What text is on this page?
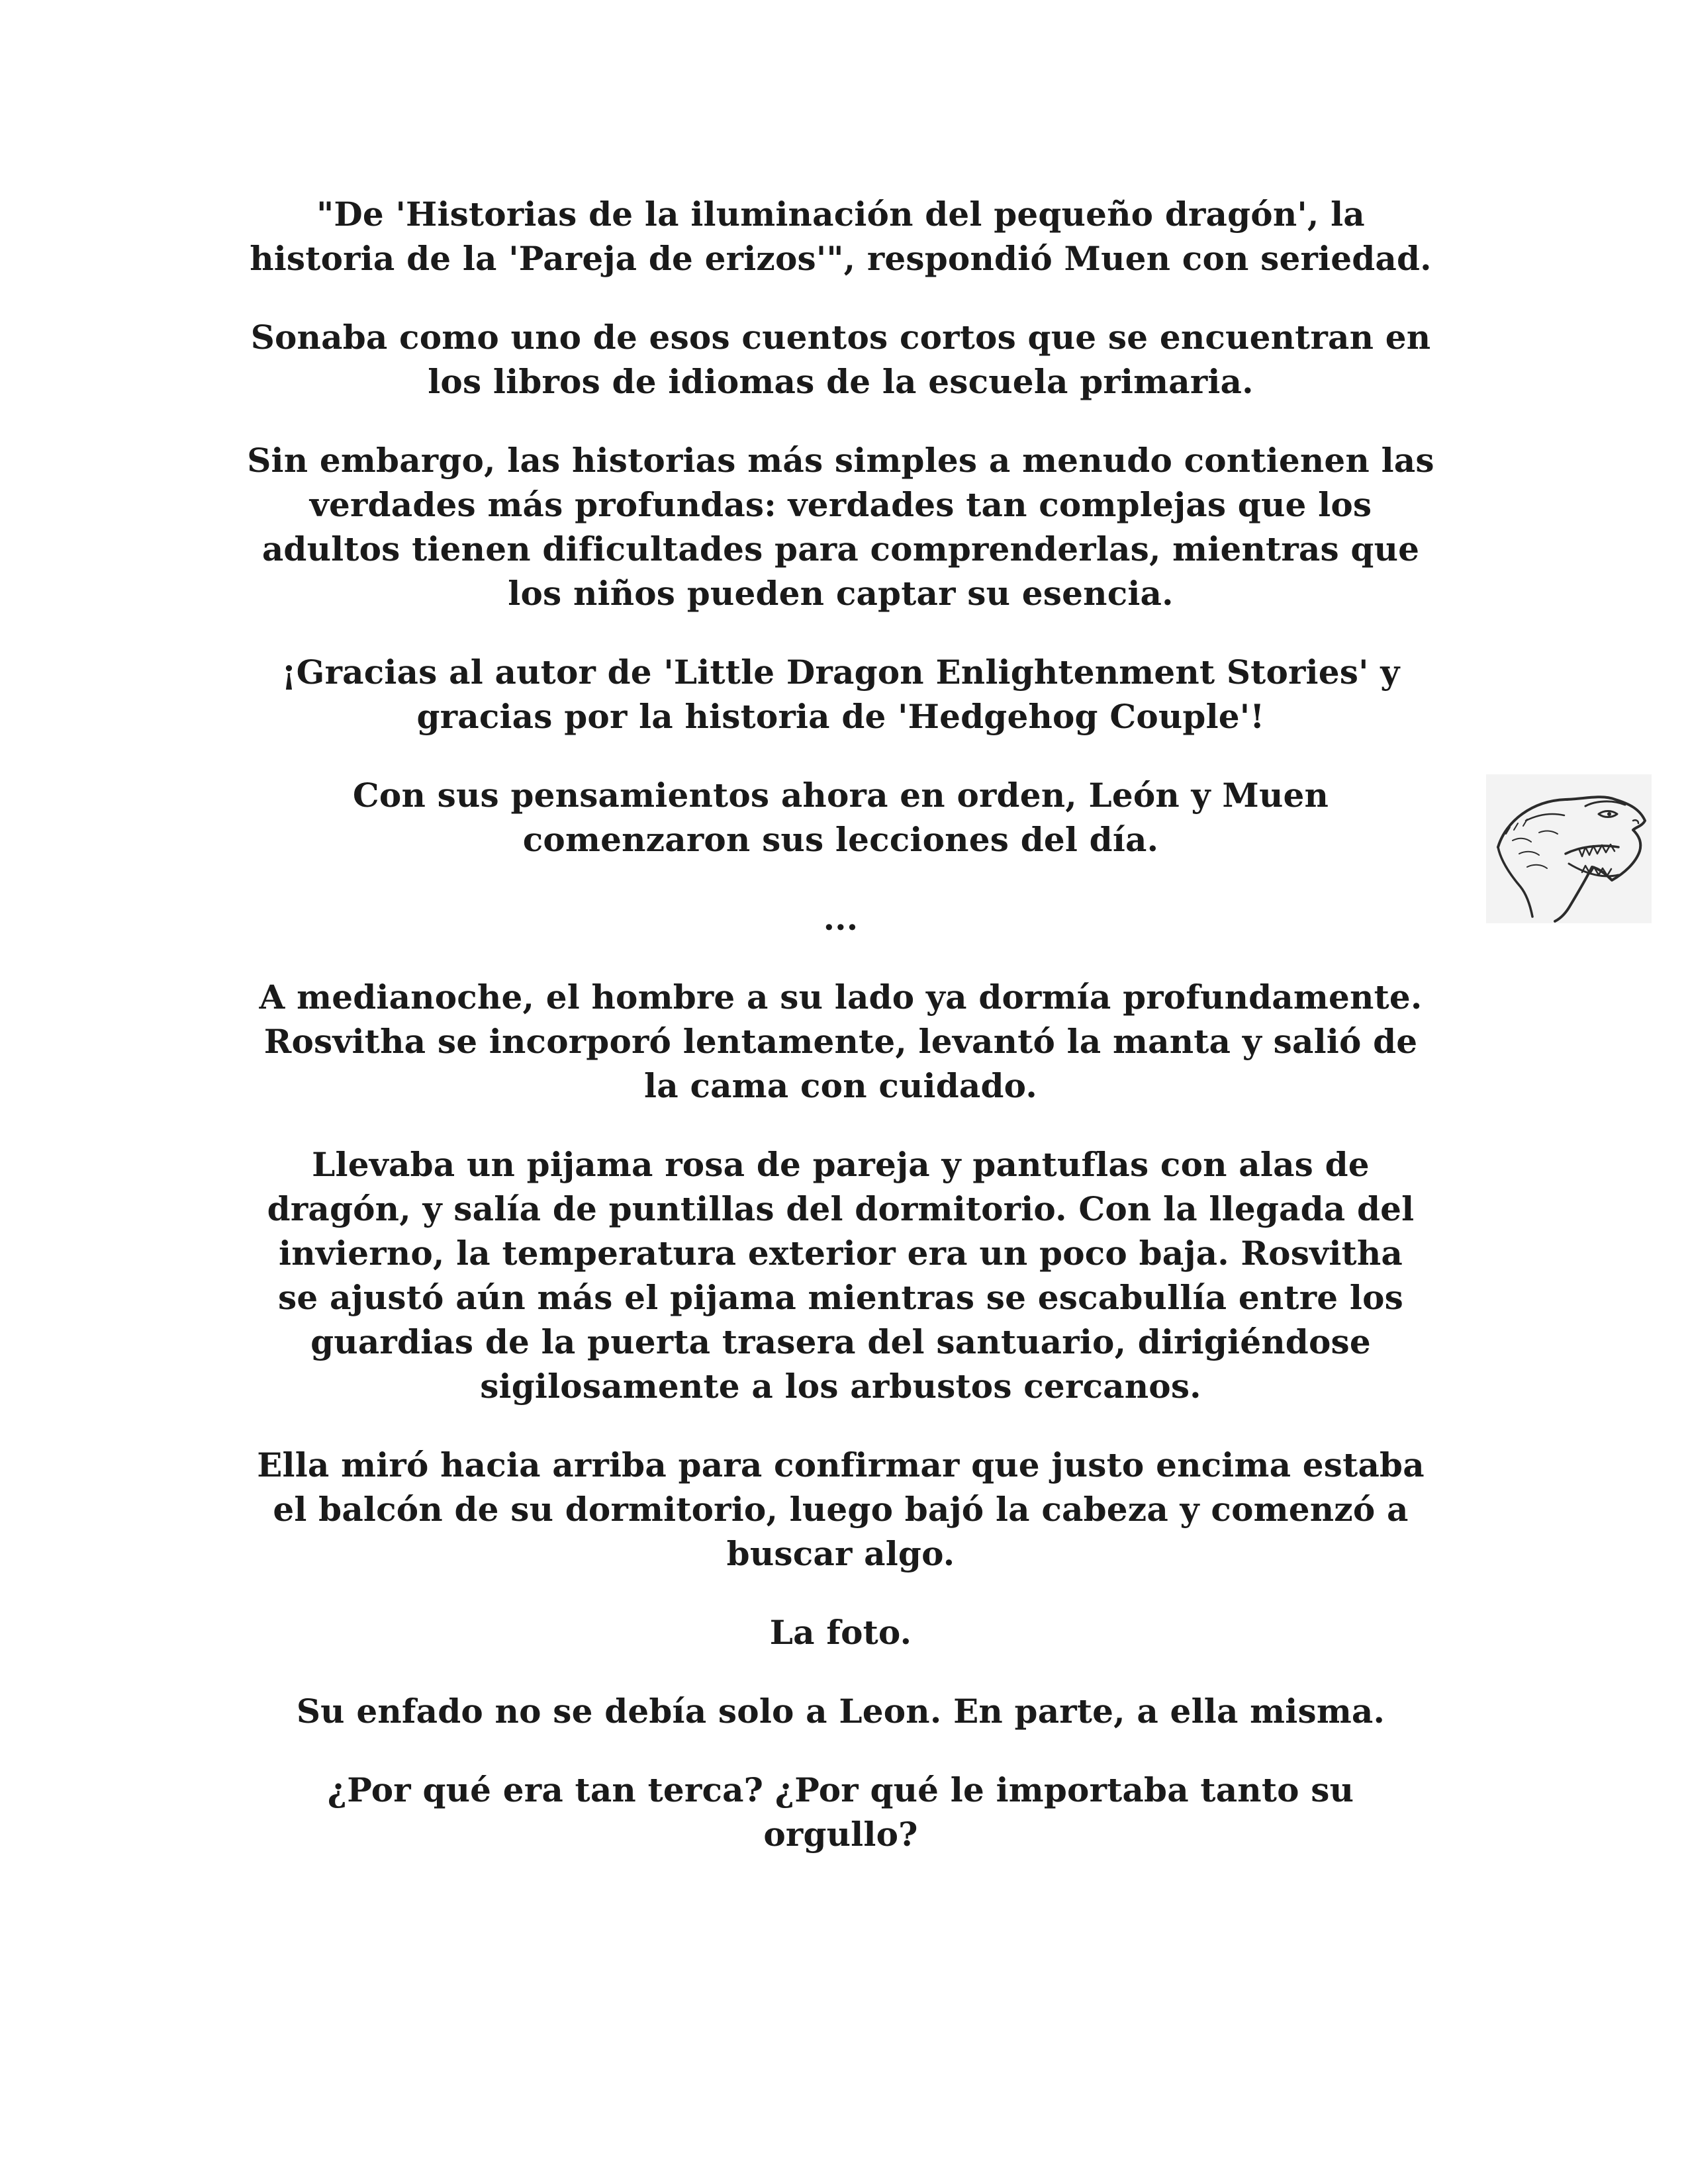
"De 'Historias de la iluminación del pequeño dragón', la
historia de la 'Pareja de erizos'", respondió Muen con seriedad.

Sonaba como uno de esos cuentos cortos que se encuentran en
los libros de idiomas de la escuela primaria.

Sin embargo, las historias más simples a menudo contienen las
verdades más profundas: verdades tan complejas que los
adultos tienen dificultades para comprenderlas, mientras que
los niños pueden captar su esencia.

¡Gracias al autor de 'Little Dragon Enlightenment Stories' y
gracias por la historia de 'Hedgehog Couple'!

Con sus pensamientos ahora en orden, León y Muen
comenzaron sus lecciones del día.

...

A medianoche, el hombre a su lado ya dormía profundamente.
Rosvitha se incorporó lentamente, levantó la manta y salió de
la cama con cuidado.

Llevaba un pijama rosa de pareja y pantuflas con alas de
dragón, y salía de puntillas del dormitorio. Con la llegada del
invierno, la temperatura exterior era un poco baja. Rosvitha
se ajustó aún más el pijama mientras se escabullía entre los
guardias de la puerta trasera del santuario, dirigiéndose
sigilosamente a los arbustos cercanos.

Ella miró hacia arriba para confirmar que justo encima estaba
el balcón de su dormitorio, luego bajó la cabeza y comenzó a
buscar algo.

La foto.

Su enfado no se debía solo a Leon. En parte, a ella misma.

¿Por qué era tan terca? ¿Por qué le importaba tanto su
orgullo?
